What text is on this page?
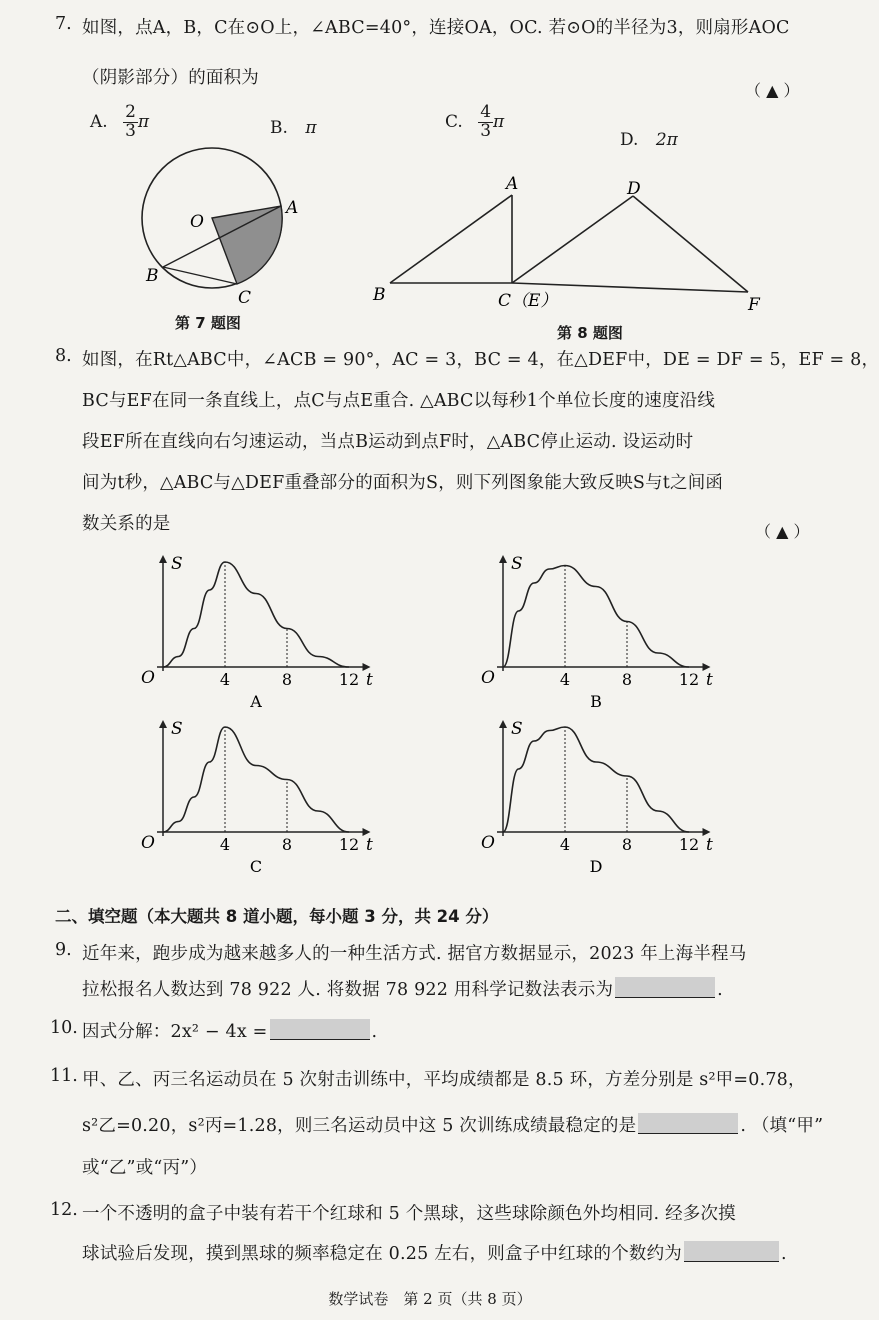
7. 如图，点A，B，C在⊙O上，∠ABC=40°，连接OA，OC. 若⊙O的半径为3，则扇形AOC
（阴影部分）的面积为
（ ▲ ）
A. $\frac{2}{3}$ π	B. π	C. $\frac{4}{3}$ π
D. 2π
O
A
B
C
第 7 题图
A	D
B	C（E）	F
第 8 题图
8. 如图，在Rt△ABC中，∠ACB = 90°，AC = 3，BC = 4，在△DEF中，DE = DF = 5，EF = 8，
BC与EF在同一条直线上，点C与点E重合. △ABC以每秒1个单位长度的速度沿线
段EF所在直线向右匀速运动，当点B运动到点F时，△ABC停止运动. 设运动时
间为t秒，△ABC与△DEF重叠部分的面积为S，则下列图象能大致反映S与t之间函
数关系的是	（ ▲ ）
S
O	4	8	12 t
A
S
O	4	8	12 t
B
S
O	4	8	12 t
C
S
O	4	8	12 t
D
二、填空题（本大题共 8 道小题，每小题 3 分，共 24 分）
9. 近年来，跑步成为越来越多人的一种生活方式. 据官方数据显示，2023 年上海半程马
拉松报名人数达到 78 922 人. 将数据 78 922 用科学记数法表示为	.
10. 因式分解：2x² − 4x =	.
11. 甲、乙、丙三名运动员在 5 次射击训练中，平均成绩都是 8.5 环，方差分别是 s²甲=0.78，
s²乙=0.20，s²丙=1.28，则三名运动员中这 5 次训练成绩最稳定的是	. （填“甲”
或“乙”或“丙”）
12. 一个不透明的盒子中装有若干个红球和 5 个黑球，这些球除颜色外均相同. 经多次摸
球试验后发现，摸到黑球的频率稳定在 0.25 左右，则盒子中红球的个数约为	.
数学试卷　第 2 页（共 8 页）
